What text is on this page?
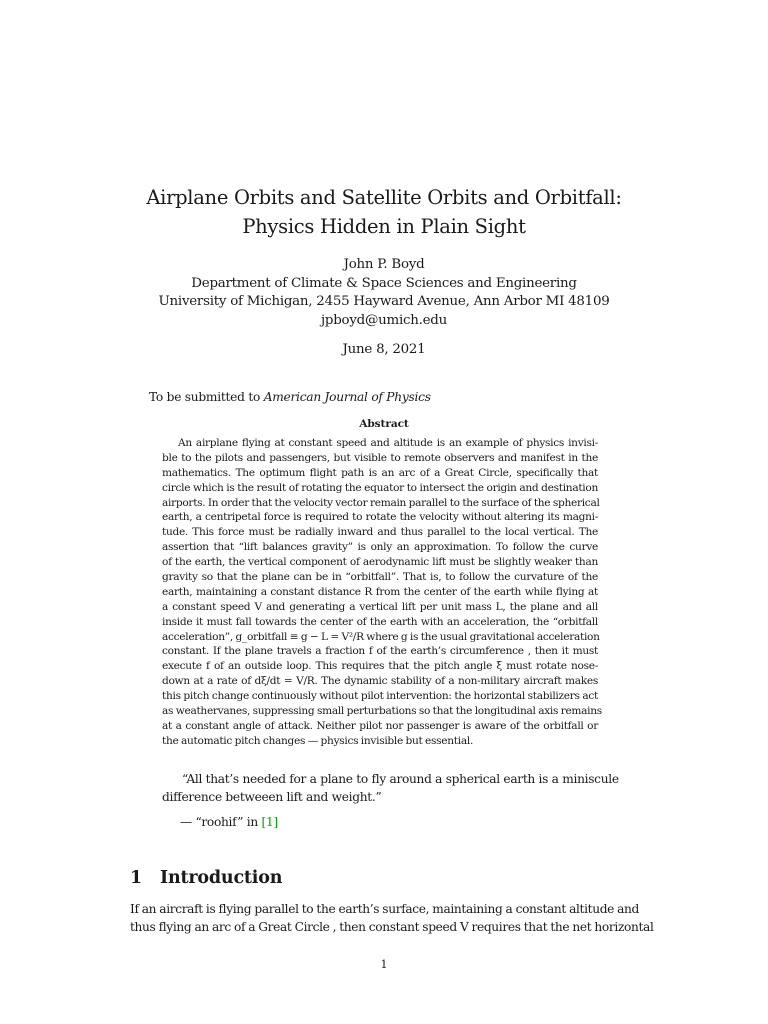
Airplane Orbits and Satellite Orbits and Orbitfall:
Physics Hidden in Plain Sight
John P. Boyd
Department of Climate & Space Sciences and Engineering
University of Michigan, 2455 Hayward Avenue, Ann Arbor MI 48109
jpboyd@umich.edu
June 8, 2021
To be submitted to American Journal of Physics
Abstract
An airplane flying at constant speed and altitude is an example of physics invisi-
ble to the pilots and passengers, but visible to remote observers and manifest in the
mathematics. The optimum flight path is an arc of a Great Circle, specifically that
circle which is the result of rotating the equator to intersect the origin and destination
airports. In order that the velocity vector remain parallel to the surface of the spherical
earth, a centripetal force is required to rotate the velocity without altering its magni-
tude. This force must be radially inward and thus parallel to the local vertical. The
assertion that “lift balances gravity” is only an approximation. To follow the curve
of the earth, the vertical component of aerodynamic lift must be slightly weaker than
gravity so that the plane can be in “orbitfall”. That is, to follow the curvature of the
earth, maintaining a constant distance R from the center of the earth while flying at
a constant speed V and generating a vertical lift per unit mass L, the plane and all
inside it must fall towards the center of the earth with an acceleration, the “orbitfall
acceleration”, g_orbitfall ≡ g − L = V²/R where g is the usual gravitational acceleration
constant. If the plane travels a fraction f of the earth’s circumference , then it must
execute f of an outside loop. This requires that the pitch angle ξ must rotate nose-
down at a rate of dξ/dt = V/R. The dynamic stability of a non-military aircraft makes
this pitch change continuously without pilot intervention: the horizontal stabilizers act
as weathervanes, suppressing small perturbations so that the longitudinal axis remains
at a constant angle of attack. Neither pilot nor passenger is aware of the orbitfall or
the automatic pitch changes — physics invisible but essential.
“All that’s needed for a plane to fly around a spherical earth is a miniscule
difference betweeen lift and weight.”
— “roohif” in [1]
1 Introduction
If an aircraft is flying parallel to the earth’s surface, maintaining a constant altitude and
thus flying an arc of a Great Circle , then constant speed V requires that the net horizontal
1
